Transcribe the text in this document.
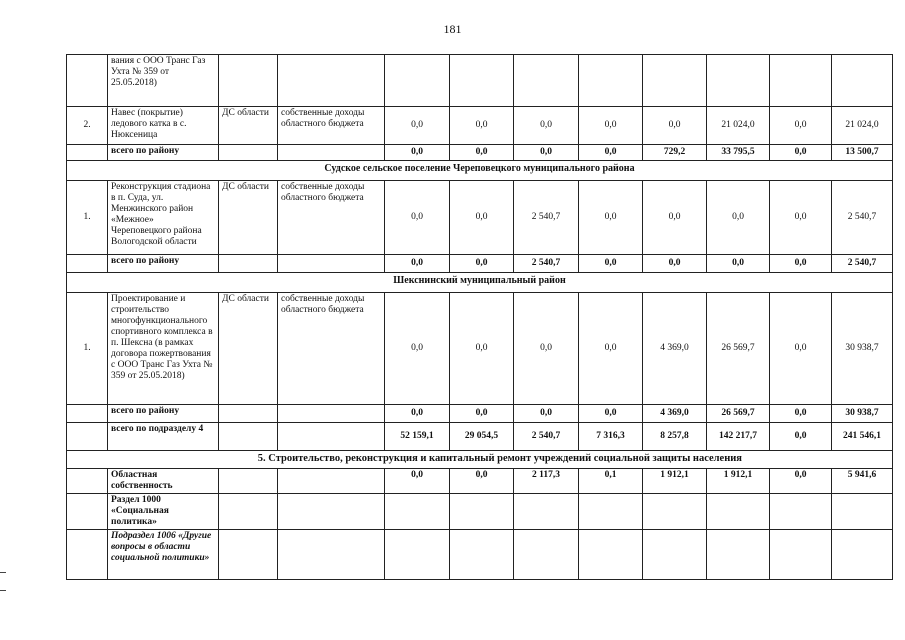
181
	вания с ООО Транс Газ Ухта № 359 от 25.05.2018)										
2.	Навес (покрытие) ледового катка в с. Нюксеница	ДС области	собственные доходы областного бюджета	0,0	0,0	0,0	0,0	0,0	21 024,0	0,0	21 024,0
	всего по району			0,0	0,0	0,0	0,0	729,2	33 795,5	0,0	13 500,7
Судское сельское поселение Череповецкого муниципального района											
1.	Реконструкция стадиона в п. Суда, ул. Менжинского район «Межное» Череповецкого района Вологодской области	ДС области	собственные доходы областного бюджета	0,0	0,0	2 540,7	0,0	0,0	0,0	0,0	2 540,7
	всего по району			0,0	0,0	2 540,7	0,0	0,0	0,0	0,0	2 540,7
Шекснинский муниципальный район											
1.	Проектирование и строительство многофункционального спортивного комплекса в п. Шексна (в рамках договора пожертвования с ООО Транс Газ Ухта № 359 от 25.05.2018)	ДС области	собственные доходы областного бюджета	0,0	0,0	0,0	0,0	4 369,0	26 569,7	0,0	30 938,7
	всего по району			0,0	0,0	0,0	0,0	4 369,0	26 569,7	0,0	30 938,7
	всего по подразделу 4			52 159,1	29 054,5	2 540,7	7 316,3	8 257,8	142 217,7	0,0	241 546,1
5. Строительство, реконструкция и капитальный ремонт учреждений социальной защиты населения											
	Областная собственность			0,0	0,0	2 117,3	0,1	1 912,1	1 912,1	0,0	5 941,6
	Раздел 1000 «Социальная политика»										
	Подраздел 1006 «Другие вопросы в области социальной политики»										
